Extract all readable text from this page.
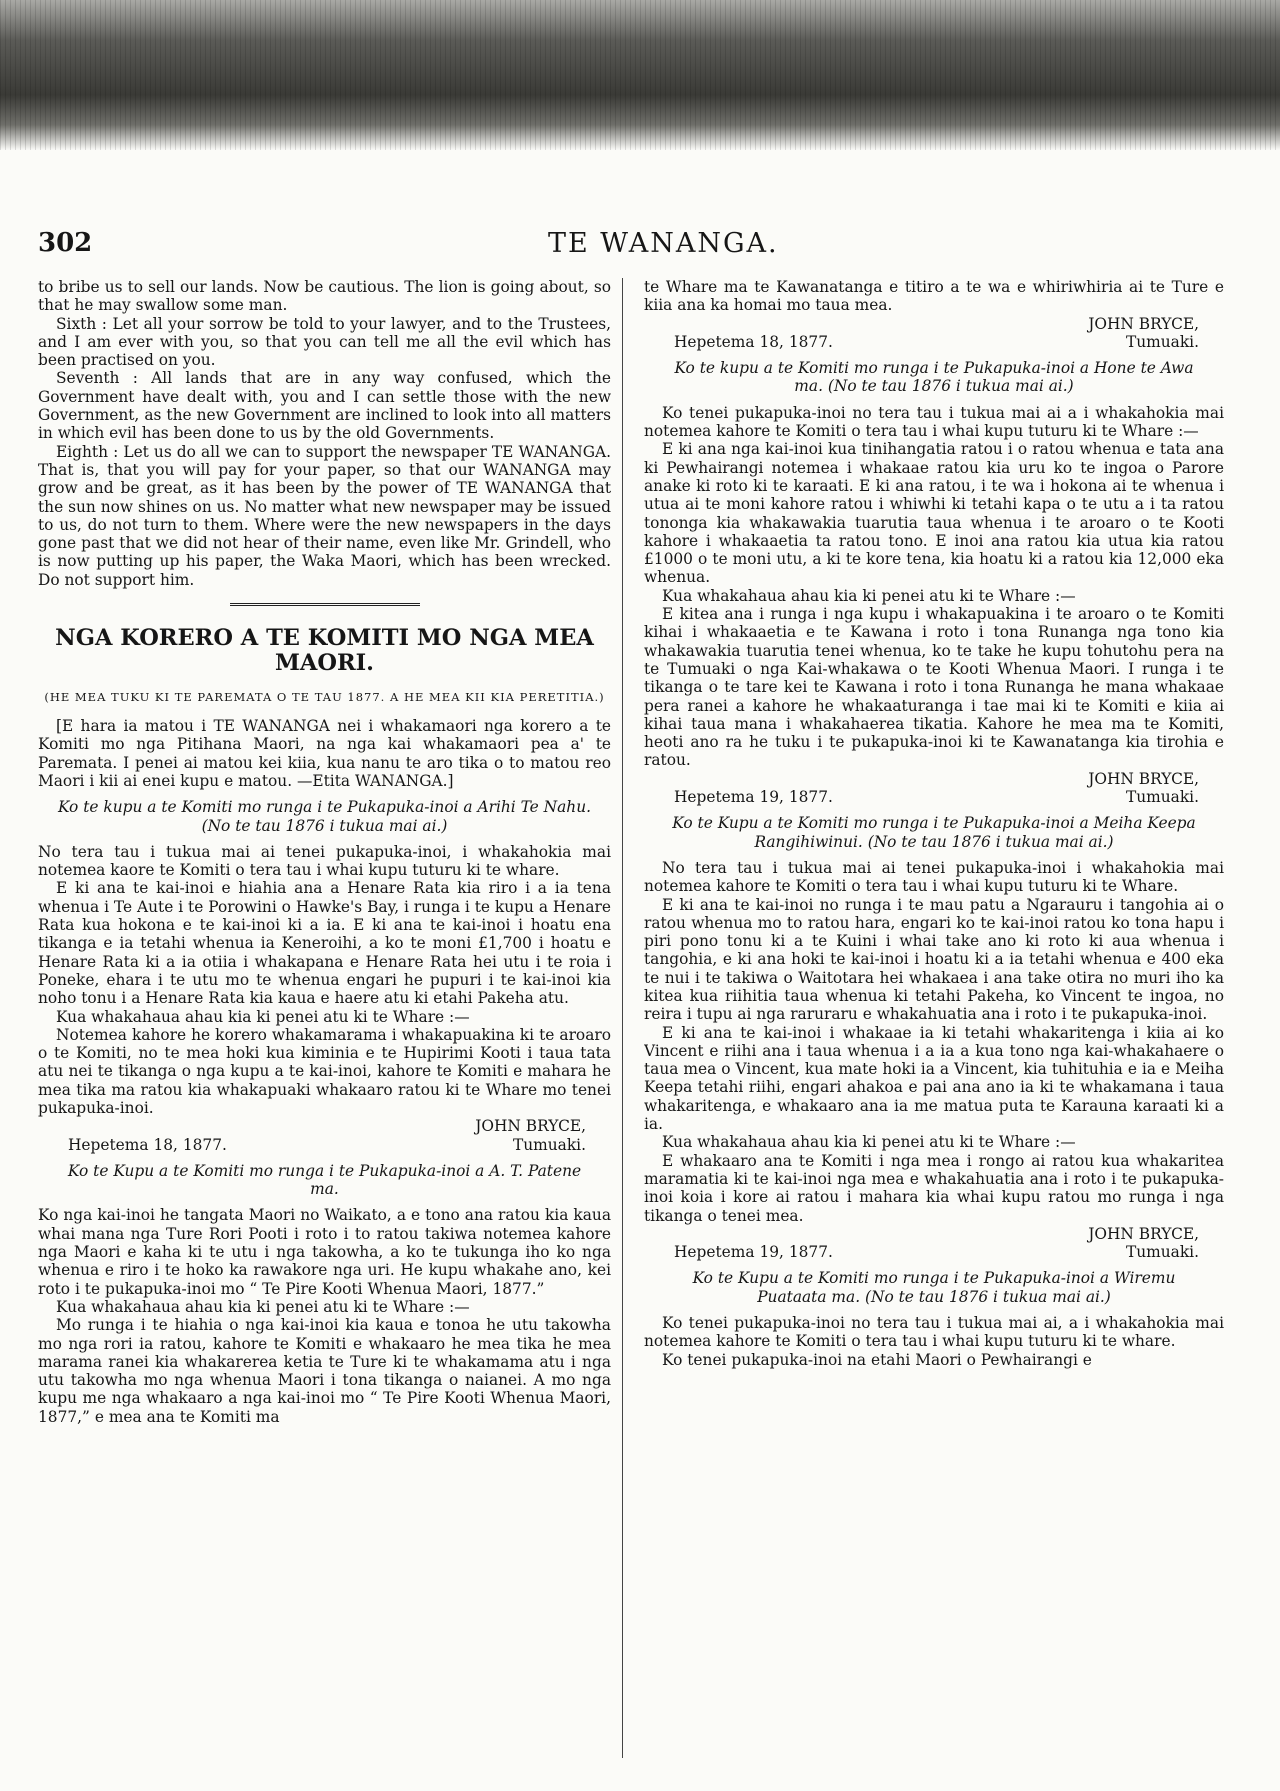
302	TE WANANGA.

to bribe us to sell our lands. Now be cautious. The lion is going about, so that he may swallow some man.

Sixth : Let all your sorrow be told to your lawyer, and to the Trustees, and I am ever with you, so that you can tell me all the evil which has been practised on you.

Seventh : All lands that are in any way confused, which the Government have dealt with, you and I can settle those with the new Government, as the new Government are inclined to look into all matters in which evil has been done to us by the old Governments.

Eighth : Let us do all we can to support the newspaper TE WANANGA. That is, that you will pay for your paper, so that our WANANGA may grow and be great, as it has been by the power of TE WANANGA that the sun now shines on us. No matter what new newspaper may be issued to us, do not turn to them. Where were the new newspapers in the days gone past that we did not hear of their name, even like Mr. Grindell, who is now putting up his paper, the Waka Maori, which has been wrecked. Do not support him.

NGA KORERO A TE KOMITI MO NGA MEA MAORI.
(HE MEA TUKU KI TE PAREMATA O TE TAU 1877. A HE MEA KII KIA PERETITIA.)

[E hara ia matou i TE WANANGA nei i whakamaori nga korero a te Komiti mo nga Pitihana Maori, na nga kai whakamaori pea a' te Paremata. I penei ai matou kei kiia, kua nanu te aro tika o to matou reo Maori i kii ai enei kupu e matou. —Etita WANANGA.]

Ko te kupu a te Komiti mo runga i te Pukapuka-inoi a Arihi Te Nahu. (No te tau 1876 i tukua mai ai.)

No tera tau i tukua mai ai tenei pukapuka-inoi, i whakahokia mai notemea kaore te Komiti o tera tau i whai kupu tuturu ki te whare.

E ki ana te kai-inoi e hiahia ana a Henare Rata kia riro i a ia tena whenua i Te Aute i te Porowini o Hawke's Bay, i runga i te kupu a Henare Rata kua hokona e te kai-inoi ki a ia. E ki ana te kai-inoi i hoatu ena tikanga e ia tetahi whenua ia Keneroihi, a ko te moni £1,700 i hoatu e Henare Rata ki a ia otiia i whakapana e Henare Rata hei utu i te roia i Poneke, ehara i te utu mo te whenua engari he pupuri i te kai-inoi kia noho tonu i a Henare Rata kia kaua e haere atu ki etahi Pakeha atu.

Kua whakahaua ahau kia ki penei atu ki te Whare :—

Notemea kahore he korero whakamarama i whakapuakina ki te aroaro o te Komiti, no te mea hoki kua kiminia e te Hupirimi Kooti i taua tata atu nei te tikanga o nga kupu a te kai-inoi, kahore te Komiti e mahara he mea tika ma ratou kia whakapuaki whakaaro ratou ki te Whare mo tenei pukapuka-inoi.

JOHN BRYCE,
Hepetema 18, 1877.	Tumuaki.
Ko te Kupu a te Komiti mo runga i te Pukapuka-inoi a A. T. Patene ma.

Ko nga kai-inoi he tangata Maori no Waikato, a e tono ana ratou kia kaua whai mana nga Ture Rori Pooti i roto i to ratou takiwa notemea kahore nga Maori e kaha ki te utu i nga takowha, a ko te tukunga iho ko nga whenua e riro i te hoko ka rawakore nga uri. He kupu whakahe ano, kei roto i te pukapuka-inoi mo “ Te Pire Kooti Whenua Maori, 1877.”

Kua whakahaua ahau kia ki penei atu ki te Whare :—

Mo runga i te hiahia o nga kai-inoi kia kaua e tonoa he utu takowha mo nga rori ia ratou, kahore te Komiti e whakaaro he mea tika he mea marama ranei kia whakarerea ketia te Ture ki te whakamama atu i nga utu takowha mo nga whenua Maori i tona tikanga o naianei. A mo nga kupu me nga whakaaro a nga kai-inoi mo “ Te Pire Kooti Whenua Maori, 1877,” e mea ana te Komiti ma

te Whare ma te Kawanatanga e titiro a te wa e whiriwhiria ai te Ture e kiia ana ka homai mo taua mea.

JOHN BRYCE,
Hepetema 18, 1877.	Tumuaki.
Ko te kupu a te Komiti mo runga i te Pukapuka-inoi a Hone te Awa ma. (No te tau 1876 i tukua mai ai.)

Ko tenei pukapuka-inoi no tera tau i tukua mai ai a i whakahokia mai notemea kahore te Komiti o tera tau i whai kupu tuturu ki te Whare :—

E ki ana nga kai-inoi kua tinihangatia ratou i o ratou whenua e tata ana ki Pewhairangi notemea i whakaae ratou kia uru ko te ingoa o Parore anake ki roto ki te karaati. E ki ana ratou, i te wa i hokona ai te whenua i utua ai te moni kahore ratou i whiwhi ki tetahi kapa o te utu a i ta ratou tononga kia whakawakia tuarutia taua whenua i te aroaro o te Kooti kahore i whakaaetia ta ratou tono. E inoi ana ratou kia utua kia ratou £1000 o te moni utu, a ki te kore tena, kia hoatu ki a ratou kia 12,000 eka whenua.

Kua whakahaua ahau kia ki penei atu ki te Whare :—

E kitea ana i runga i nga kupu i whakapuakina i te aroaro o te Komiti kihai i whakaaetia e te Kawana i roto i tona Runanga nga tono kia whakawakia tuarutia tenei whenua, ko te take he kupu tohutohu pera na te Tumuaki o nga Kai-whakawa o te Kooti Whenua Maori. I runga i te tikanga o te tare kei te Kawana i roto i tona Runanga he mana whakaae pera ranei a kahore he whakaaturanga i tae mai ki te Komiti e kiia ai kihai taua mana i whakahaerea tikatia. Kahore he mea ma te Komiti, heoti ano ra he tuku i te pukapuka-inoi ki te Kawanatanga kia tirohia e ratou.

JOHN BRYCE,
Hepetema 19, 1877.	Tumuaki.
Ko te Kupu a te Komiti mo runga i te Pukapuka-inoi a Meiha Keepa Rangihiwinui. (No te tau 1876 i tukua mai ai.)

No tera tau i tukua mai ai tenei pukapuka-inoi i whakahokia mai notemea kahore te Komiti o tera tau i whai kupu tuturu ki te Whare.

E ki ana te kai-inoi no runga i te mau patu a Ngarauru i tangohia ai o ratou whenua mo to ratou hara, engari ko te kai-inoi ratou ko tona hapu i piri pono tonu ki a te Kuini i whai take ano ki roto ki aua whenua i tangohia, e ki ana hoki te kai-inoi i hoatu ki a ia tetahi whenua e 400 eka te nui i te takiwa o Waitotara hei whakaea i ana take otira no muri iho ka kitea kua riihitia taua whenua ki tetahi Pakeha, ko Vincent te ingoa, no reira i tupu ai nga raruraru e whakahuatia ana i roto i te pukapuka-inoi.

E ki ana te kai-inoi i whakaae ia ki tetahi whakaritenga i kiia ai ko Vincent e riihi ana i taua whenua i a ia a kua tono nga kai-whakahaere o taua mea o Vincent, kua mate hoki ia a Vincent, kia tuhituhia e ia e Meiha Keepa tetahi riihi, engari ahakoa e pai ana ano ia ki te whakamana i taua whakaritenga, e whakaaro ana ia me matua puta te Karauna karaati ki a ia.

Kua whakahaua ahau kia ki penei atu ki te Whare :—

E whakaaro ana te Komiti i nga mea i rongo ai ratou kua whakaritea maramatia ki te kai-inoi nga mea e whakahuatia ana i roto i te pukapuka-inoi koia i kore ai ratou i mahara kia whai kupu ratou mo runga i nga tikanga o tenei mea.

JOHN BRYCE,
Hepetema 19, 1877.	Tumuaki.
Ko te Kupu a te Komiti mo runga i te Pukapuka-inoi a Wiremu Puataata ma. (No te tau 1876 i tukua mai ai.)

Ko tenei pukapuka-inoi no tera tau i tukua mai ai, a i whakahokia mai notemea kahore te Komiti o tera tau i whai kupu tuturu ki te whare.

Ko tenei pukapuka-inoi na etahi Maori o Pewhairangi e
